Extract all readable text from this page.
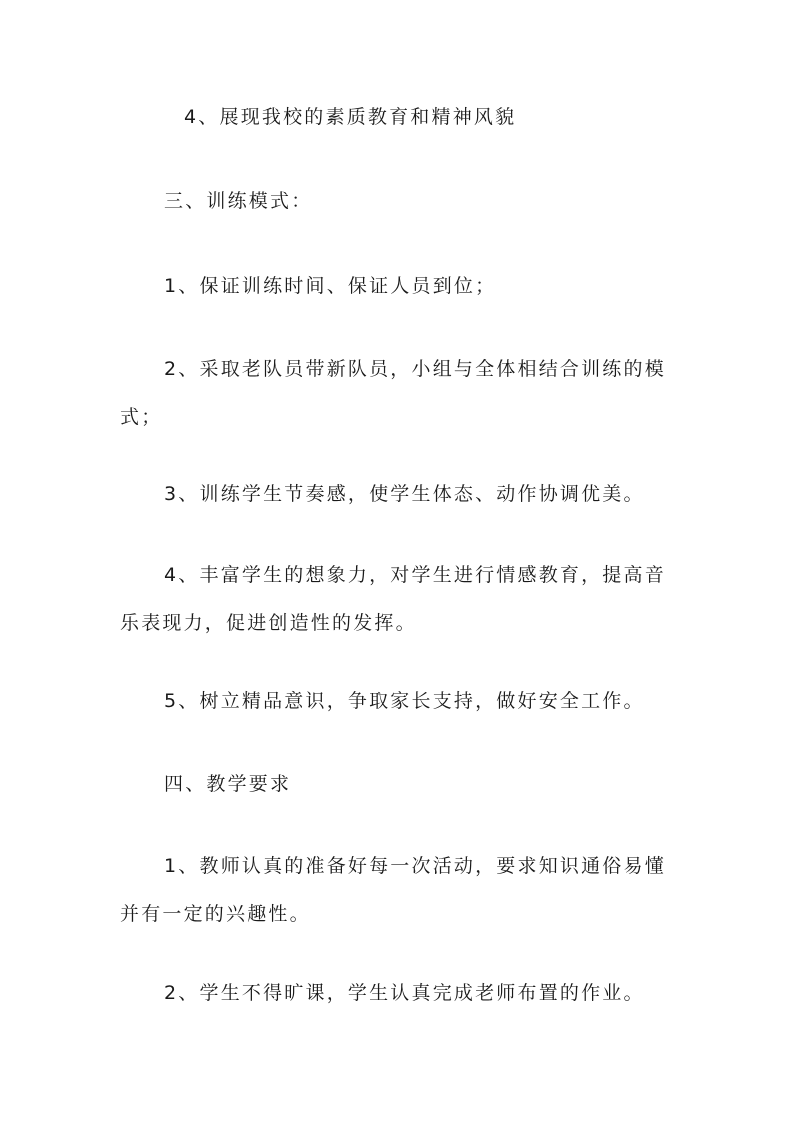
4、展现我校的素质教育和精神风貌

三、训练模式：

1、保证训练时间、保证人员到位；

2、采取老队员带新队员，小组与全体相结合训练的模式；

3、训练学生节奏感，使学生体态、动作协调优美。

4、丰富学生的想象力，对学生进行情感教育，提高音乐表现力，促进创造性的发挥。

5、树立精品意识，争取家长支持，做好安全工作。

四、教学要求

1、教师认真的准备好每一次活动，要求知识通俗易懂并有一定的兴趣性。

2、学生不得旷课，学生认真完成老师布置的作业。
